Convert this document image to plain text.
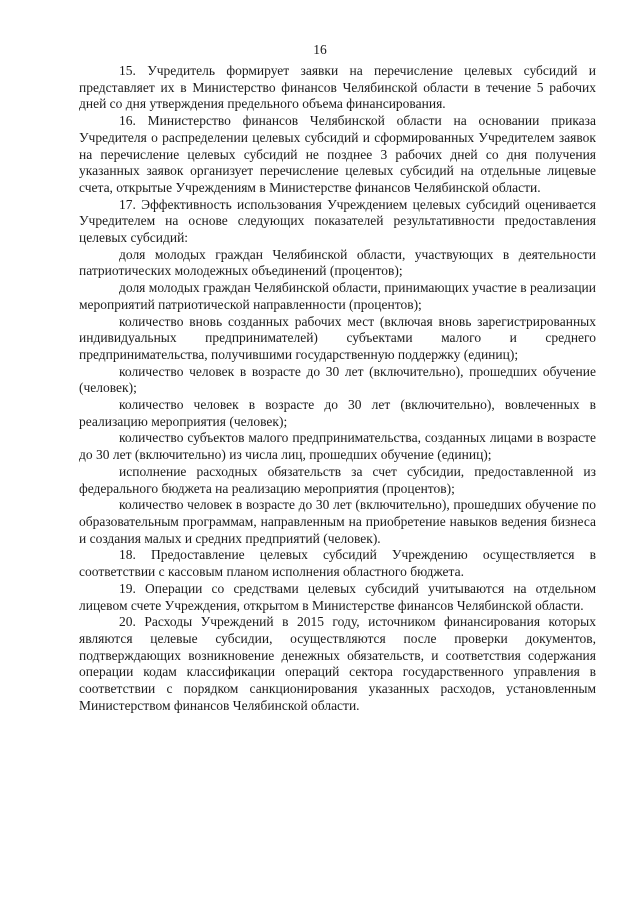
16

15. Учредитель формирует заявки на перечисление целевых субсидий и представляет их в Министерство финансов Челябинской области в течение 5 рабочих дней со дня утверждения предельного объема финансирования.

16. Министерство финансов Челябинской области на основании приказа Учредителя о распределении целевых субсидий и сформированных Учредителем заявок на перечисление целевых субсидий не позднее 3 рабочих дней со дня получения указанных заявок организует перечисление целевых субсидий на отдельные лицевые счета, открытые Учреждениям в Министерстве финансов Челябинской области.

17. Эффективность использования Учреждением целевых субсидий оценивается Учредителем на основе следующих показателей результативности предоставления целевых субсидий:

доля молодых граждан Челябинской области, участвующих в деятельности патриотических молодежных объединений (процентов);

доля молодых граждан Челябинской области, принимающих участие в реализации мероприятий патриотической направленности (процентов);

количество вновь созданных рабочих мест (включая вновь зарегистрированных индивидуальных предпринимателей) субъектами малого и среднего предпринимательства, получившими государственную поддержку (единиц);

количество человек в возрасте до 30 лет (включительно), прошедших обучение (человек);

количество человек в возрасте до 30 лет (включительно), вовлеченных в реализацию мероприятия (человек);

количество субъектов малого предпринимательства, созданных лицами в возрасте до 30 лет (включительно) из числа лиц, прошедших обучение (единиц);

исполнение расходных обязательств за счет субсидии, предоставленной из федерального бюджета на реализацию мероприятия (процентов);

количество человек в возрасте до 30 лет (включительно), прошедших обучение по образовательным программам, направленным на приобретение навыков ведения бизнеса и создания малых и средних предприятий (человек).

18. Предоставление целевых субсидий Учреждению осуществляется в соответствии с кассовым планом исполнения областного бюджета.

19. Операции со средствами целевых субсидий учитываются на отдельном лицевом счете Учреждения, открытом в Министерстве финансов Челябинской области.

20. Расходы Учреждений в 2015 году, источником финансирования которых являются целевые субсидии, осуществляются после проверки документов, подтверждающих возникновение денежных обязательств, и соответствия содержания операции кодам классификации операций сектора государственного управления в соответствии с порядком санкционирования указанных расходов, установленным Министерством финансов Челябинской области.
